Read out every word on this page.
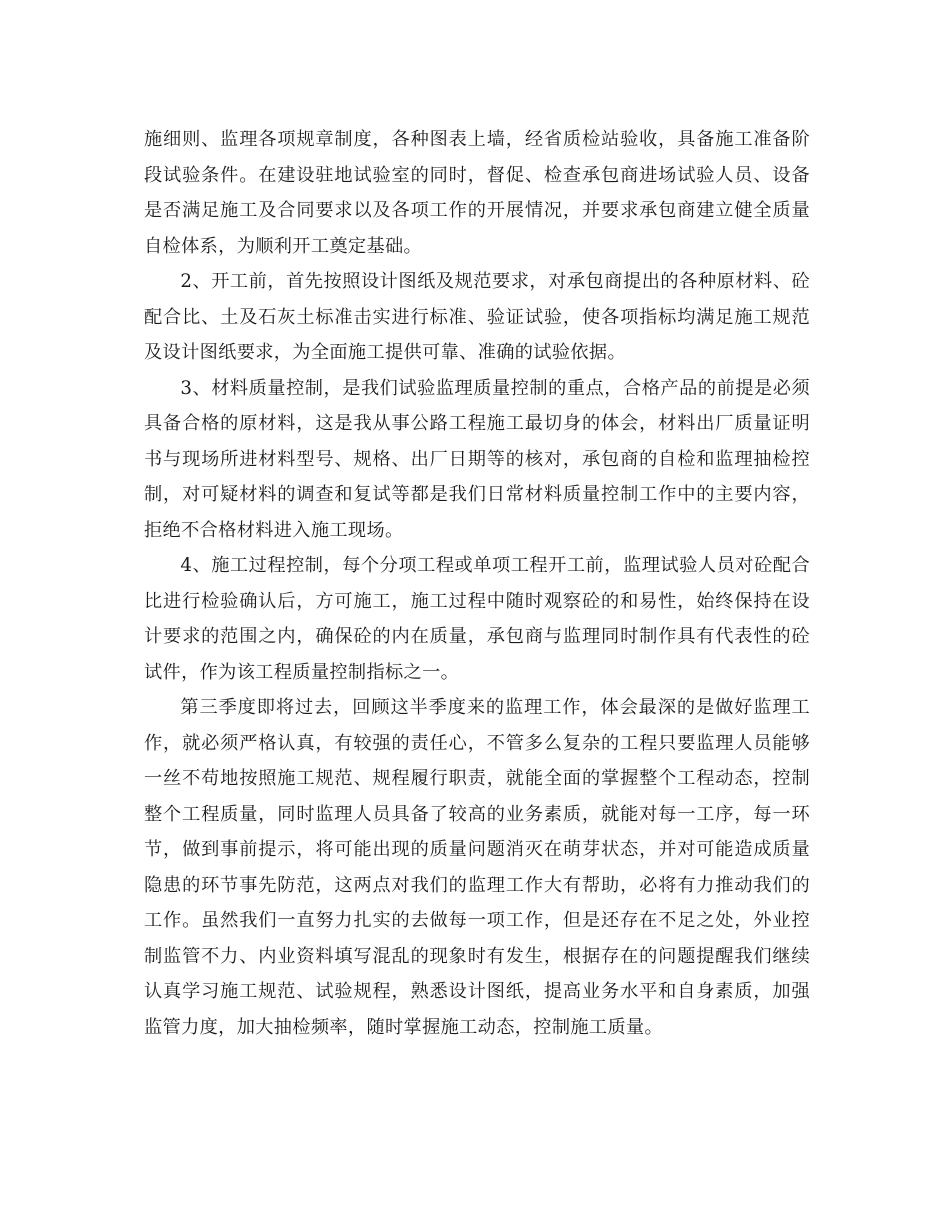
施细则、监理各项规章制度，各种图表上墙，经省质检站验收，具备施工准备阶段试验条件。在建设驻地试验室的同时，督促、检查承包商进场试验人员、设备是否满足施工及合同要求以及各项工作的开展情况，并要求承包商建立健全质量自检体系，为顺利开工奠定基础。

2、开工前，首先按照设计图纸及规范要求，对承包商提出的各种原材料、砼配合比、土及石灰土标准击实进行标准、验证试验，使各项指标均满足施工规范及设计图纸要求，为全面施工提供可靠、准确的试验依据。

3、材料质量控制，是我们试验监理质量控制的重点，合格产品的前提是必须具备合格的原材料，这是我从事公路工程施工最切身的体会，材料出厂质量证明书与现场所进材料型号、规格、出厂日期等的核对，承包商的自检和监理抽检控制，对可疑材料的调查和复试等都是我们日常材料质量控制工作中的主要内容，拒绝不合格材料进入施工现场。

4、施工过程控制，每个分项工程或单项工程开工前，监理试验人员对砼配合比进行检验确认后，方可施工，施工过程中随时观察砼的和易性，始终保持在设计要求的范围之内，确保砼的内在质量，承包商与监理同时制作具有代表性的砼试件，作为该工程质量控制指标之一。

第三季度即将过去，回顾这半季度来的监理工作，体会最深的是做好监理工作，就必须严格认真，有较强的责任心，不管多么复杂的工程只要监理人员能够一丝不苟地按照施工规范、规程履行职责，就能全面的掌握整个工程动态，控制整个工程质量，同时监理人员具备了较高的业务素质，就能对每一工序，每一环节，做到事前提示，将可能出现的质量问题消灭在萌芽状态，并对可能造成质量隐患的环节事先防范，这两点对我们的监理工作大有帮助，必将有力推动我们的工作。虽然我们一直努力扎实的去做每一项工作，但是还存在不足之处，外业控制监管不力、内业资料填写混乱的现象时有发生，根据存在的问题提醒我们继续认真学习施工规范、试验规程，熟悉设计图纸，提高业务水平和自身素质，加强监管力度，加大抽检频率，随时掌握施工动态，控制施工质量。
